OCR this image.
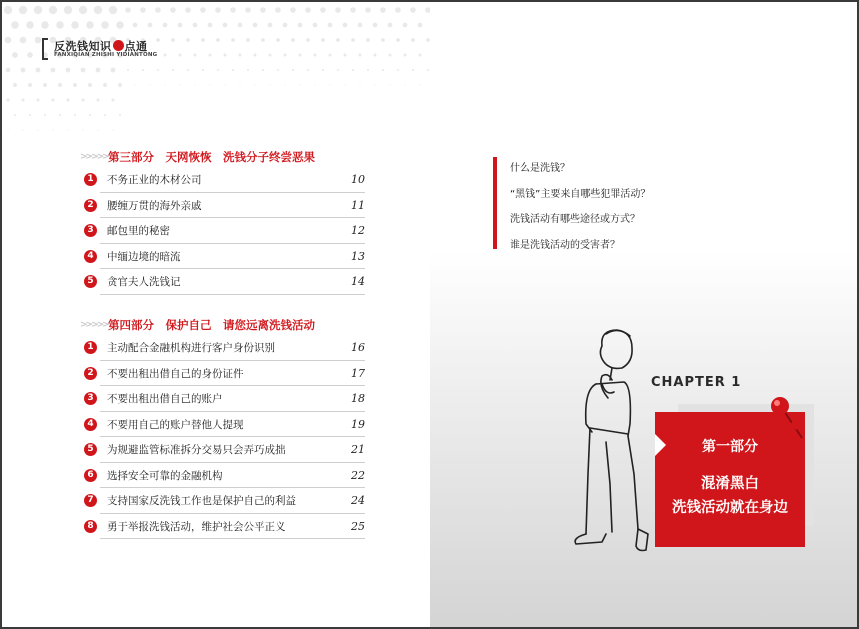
反洗钱知识 点通
FANXIQIAN ZHISHI YIDIANTONG
>>>>> 第三部分　天网恢恢　洗钱分子终尝恶果
1	不务正业的木材公司	10
2	腰缠万贯的海外亲戚	11
3	邮包里的秘密	12
4	中缅边境的暗流	13
5	贪官夫人洗钱记	14
>>>>> 第四部分　保护自己　请您远离洗钱活动
1	主动配合金融机构进行客户身份识别	16
2	不要出租出借自己的身份证件	17
3	不要出租出借自己的账户	18
4	不要用自己的账户替他人提现	19
5	为规避监管标准拆分交易只会弄巧成拙	21
6	选择安全可靠的金融机构	22
7	支持国家反洗钱工作也是保护自己的利益	24
8	勇于举报洗钱活动，维护社会公平正义	25
什么是洗钱？
“黑钱”主要来自哪些犯罪活动？
洗钱活动有哪些途径或方式？
谁是洗钱活动的受害者？
CHAPTER 1
第一部分
混淆黑白
洗钱活动就在身边
